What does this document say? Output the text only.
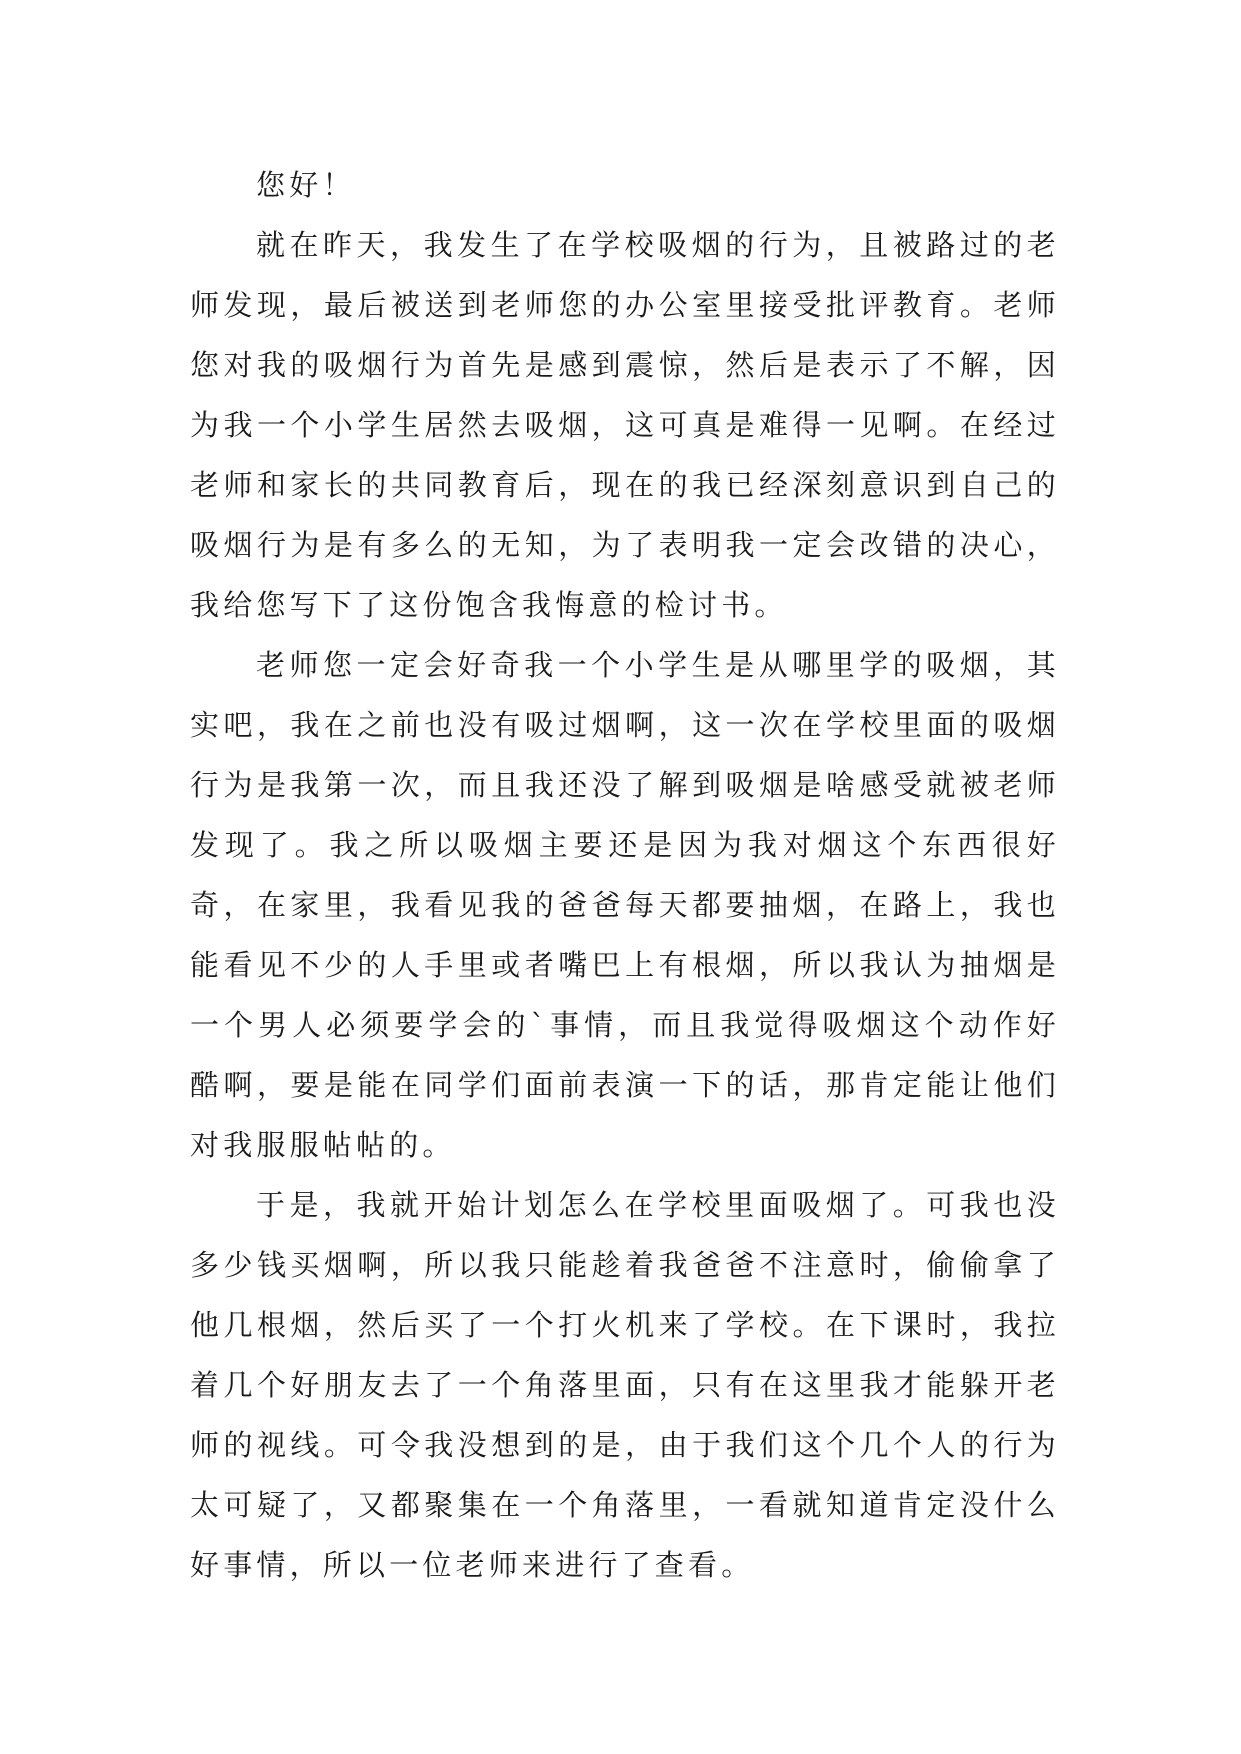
您好！

就在昨天，我发生了在学校吸烟的行为，且被路过的老师发现，最后被送到老师您的办公室里接受批评教育。老师您对我的吸烟行为首先是感到震惊，然后是表示了不解，因为我一个小学生居然去吸烟，这可真是难得一见啊。在经过老师和家长的共同教育后，现在的我已经深刻意识到自己的吸烟行为是有多么的无知，为了表明我一定会改错的决心，我给您写下了这份饱含我悔意的检讨书。

老师您一定会好奇我一个小学生是从哪里学的吸烟，其实吧，我在之前也没有吸过烟啊，这一次在学校里面的吸烟行为是我第一次，而且我还没了解到吸烟是啥感受就被老师发现了。我之所以吸烟主要还是因为我对烟这个东西很好奇，在家里，我看见我的爸爸每天都要抽烟，在路上，我也能看见不少的人手里或者嘴巴上有根烟，所以我认为抽烟是一个男人必须要学会的`事情，而且我觉得吸烟这个动作好酷啊，要是能在同学们面前表演一下的话，那肯定能让他们对我服服帖帖的。

于是，我就开始计划怎么在学校里面吸烟了。可我也没多少钱买烟啊，所以我只能趁着我爸爸不注意时，偷偷拿了他几根烟，然后买了一个打火机来了学校。在下课时，我拉着几个好朋友去了一个角落里面，只有在这里我才能躲开老师的视线。可令我没想到的是，由于我们这个几个人的行为太可疑了，又都聚集在一个角落里，一看就知道肯定没什么好事情，所以一位老师来进行了查看。
